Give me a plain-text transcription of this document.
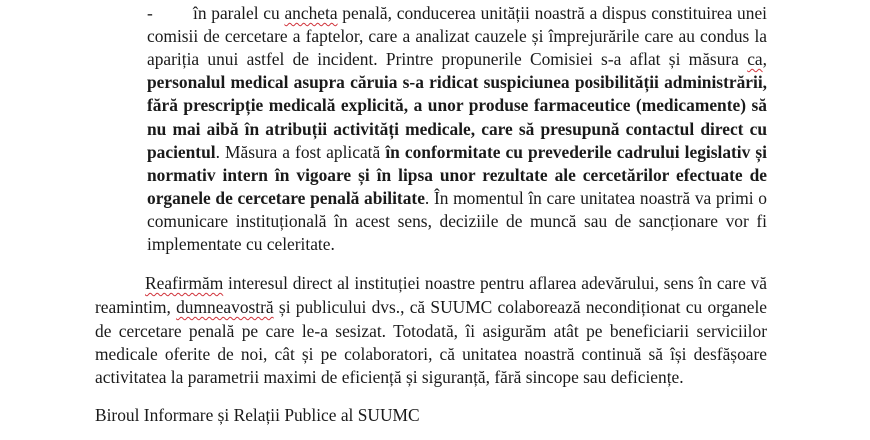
- în paralel cu ancheta penală, conducerea unității noastră a dispus constituirea unei
comisii de cercetare a faptelor, care a analizat cauzele și împrejurările care au condus la
apariția unui astfel de incident. Printre propunerile Comisiei s-a aflat și măsura ca,
personalul medical asupra căruia s-a ridicat suspiciunea posibilității administrării,
fără prescripție medicală explicită, a unor produse farmaceutice (medicamente) să
nu mai aibă în atribuții activități medicale, care să presupună contactul direct cu
pacientul. Măsura a fost aplicată în conformitate cu prevederile cadrului legislativ și
normativ intern în vigoare și în lipsa unor rezultate ale cercetărilor efectuate de
organele de cercetare penală abilitate. În momentul în care unitatea noastră va primi o
comunicare instituțională în acest sens, deciziile de muncă sau de sancționare vor fi
implementate cu celeritate.
Reafirmăm interesul direct al instituției noastre pentru aflarea adevărului, sens în care vă
reamintim, dumneavostră și publicului dvs., că SUUMC colaborează necondiționat cu organele
de cercetare penală pe care le-a sesizat. Totodată, îi asigurăm atât pe beneficiarii serviciilor
medicale oferite de noi, cât și pe colaboratori, că unitatea noastră continuă să își desfășoare
activitatea la parametrii maximi de eficiență și siguranță, fără sincope sau deficiențe.
Biroul Informare și Relații Publice al SUUMC
